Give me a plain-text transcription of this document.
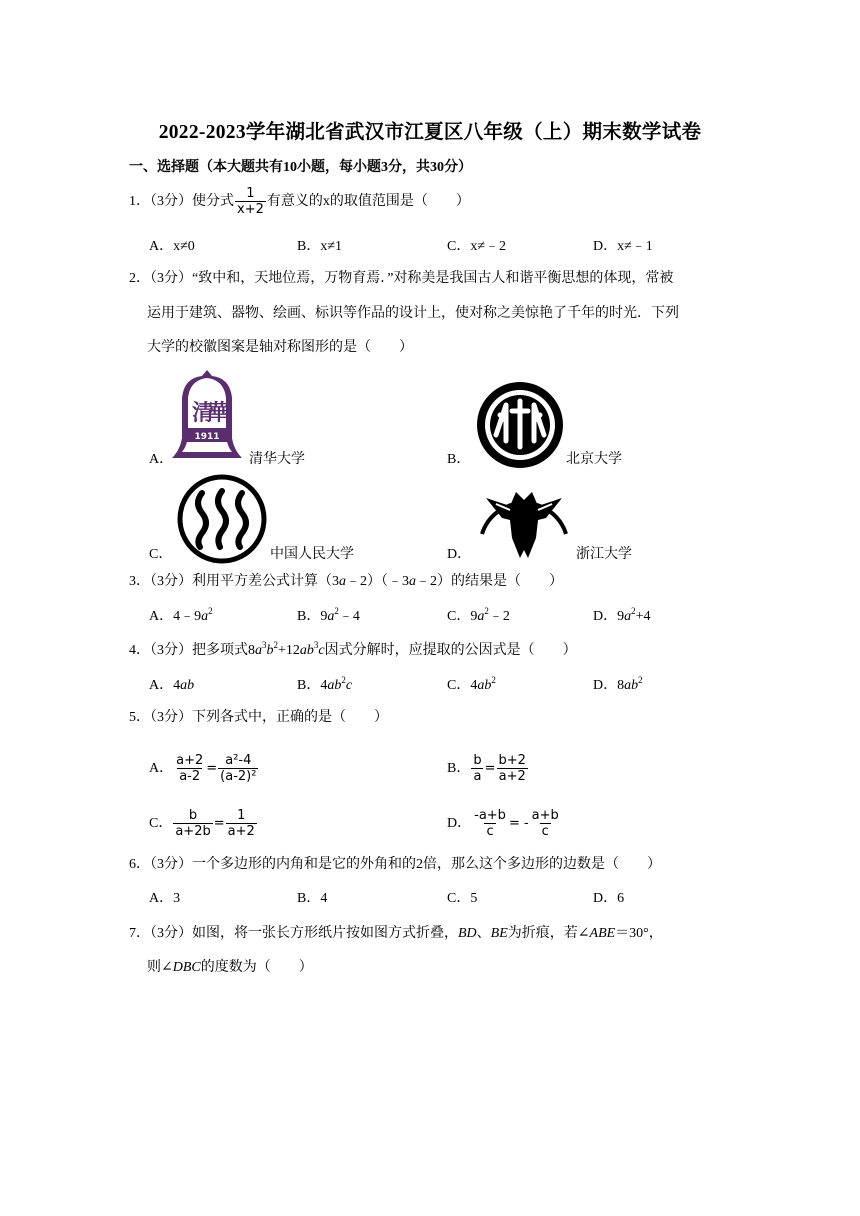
2022-2023学年湖北省武汉市江夏区八年级（上）期末数学试卷
一、选择题（本大题共有10小题，每小题3分，共30分）
1．（3分）使分式 $\frac{1}{x+2}$ 有意义的x的取值范围是（　　）
A．x≠0	B．x≠1	C．x≠﹣2	D．x≠﹣1
2．（3分）“致中和，天地位焉，万物育焉．”对称美是我国古人和谐平衡思想的体现，常被
运用于建筑、器物、绘画、标识等作品的设计上，使对称之美惊艳了千年的时光．下列
大学的校徽图案是轴对称图形的是（　　）
A．
清
華
1911
清华大学	B．	北京大学
C．	中国人民大学	D．	浙江大学
3．（3分）利用平方差公式计算（3a﹣2）（﹣3a﹣2）的结果是（　　）
A．$4﹣9a^2$	B．$9a^2﹣4$	C．$9a^2﹣2$	D．$9a^2+4$
4．（3分）把多项式$8a^3b^2+12ab^3c$因式分解时，应提取的公因式是（　　）
A．4ab	B．$4ab^2c$	C．$4ab^2$	D．$8ab^2$
5．（3分）下列各式中，正确的是（　　）
A． $\frac{a+2}{a-2} = \frac{\text{a²-4}}{\text{(a-2)²}}$	B． $\frac{b}{a} = \frac{b+2}{a+2}$
C． $\frac{b}{a+2b} = \frac{1}{a+2}$	D． $\frac{-a+b}{c}$ = - $\frac{a+b}{c}$
6．（3分）一个多边形的内角和是它的外角和的2倍，那么这个多边形的边数是（　　）
A．3	B．4	C．5	D．6
7．（3分）如图，将一张长方形纸片按如图方式折叠，BD、BE为折痕，若∠ABE＝30°，
则∠DBC的度数为（　　）
